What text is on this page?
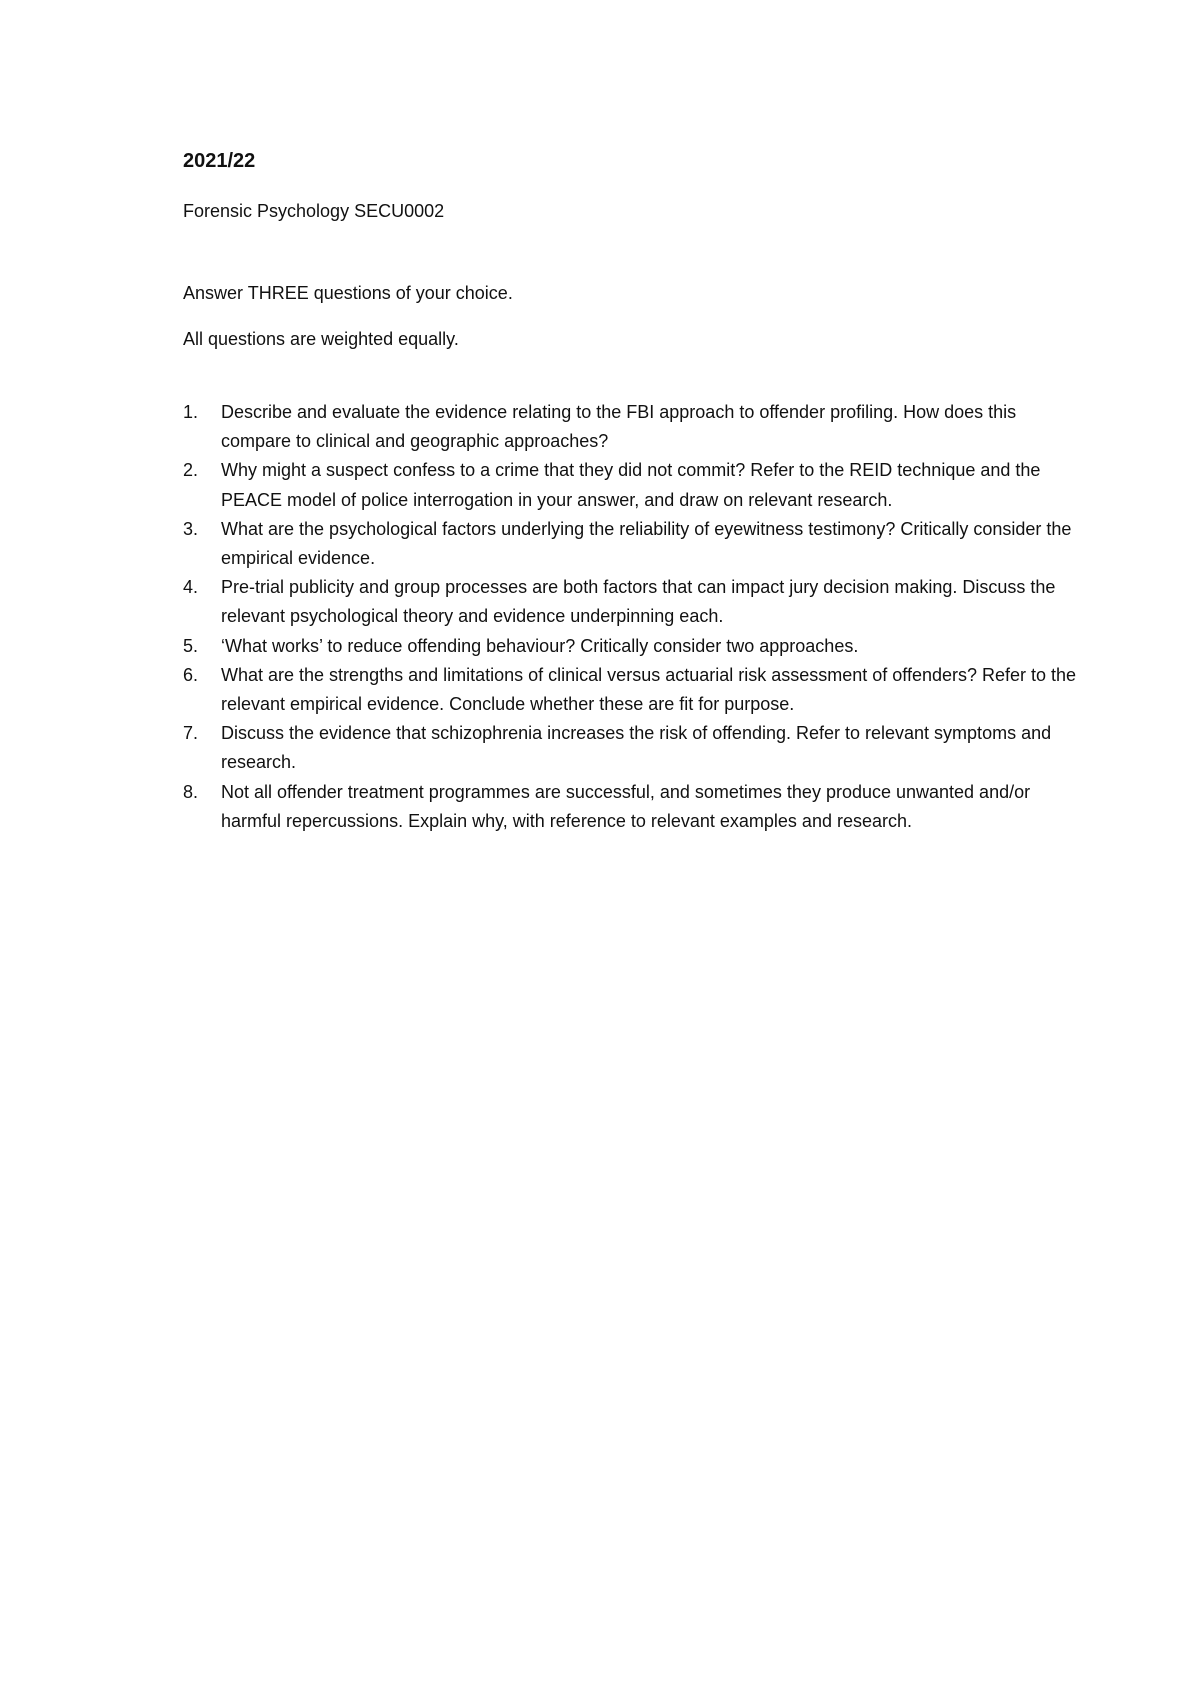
2021/22

Forensic Psychology SECU0002

Answer THREE questions of your choice.

All questions are weighted equally.

1.	Describe and evaluate the evidence relating to the FBI approach to offender profiling. How does this compare to clinical and geographic approaches?
2.	Why might a suspect confess to a crime that they did not commit? Refer to the REID technique and the PEACE model of police interrogation in your answer, and draw on relevant research.
3.	What are the psychological factors underlying the reliability of eyewitness testimony? Critically consider the empirical evidence.
4.	Pre-trial publicity and group processes are both factors that can impact jury decision making. Discuss the relevant psychological theory and evidence underpinning each.
5.	‘What works’ to reduce offending behaviour? Critically consider two approaches.
6.	What are the strengths and limitations of clinical versus actuarial risk assessment of offenders? Refer to the relevant empirical evidence. Conclude whether these are fit for purpose.
7.	Discuss the evidence that schizophrenia increases the risk of offending. Refer to relevant symptoms and research.
8.	Not all offender treatment programmes are successful, and sometimes they produce unwanted and/or harmful repercussions. Explain why, with reference to relevant examples and research.
